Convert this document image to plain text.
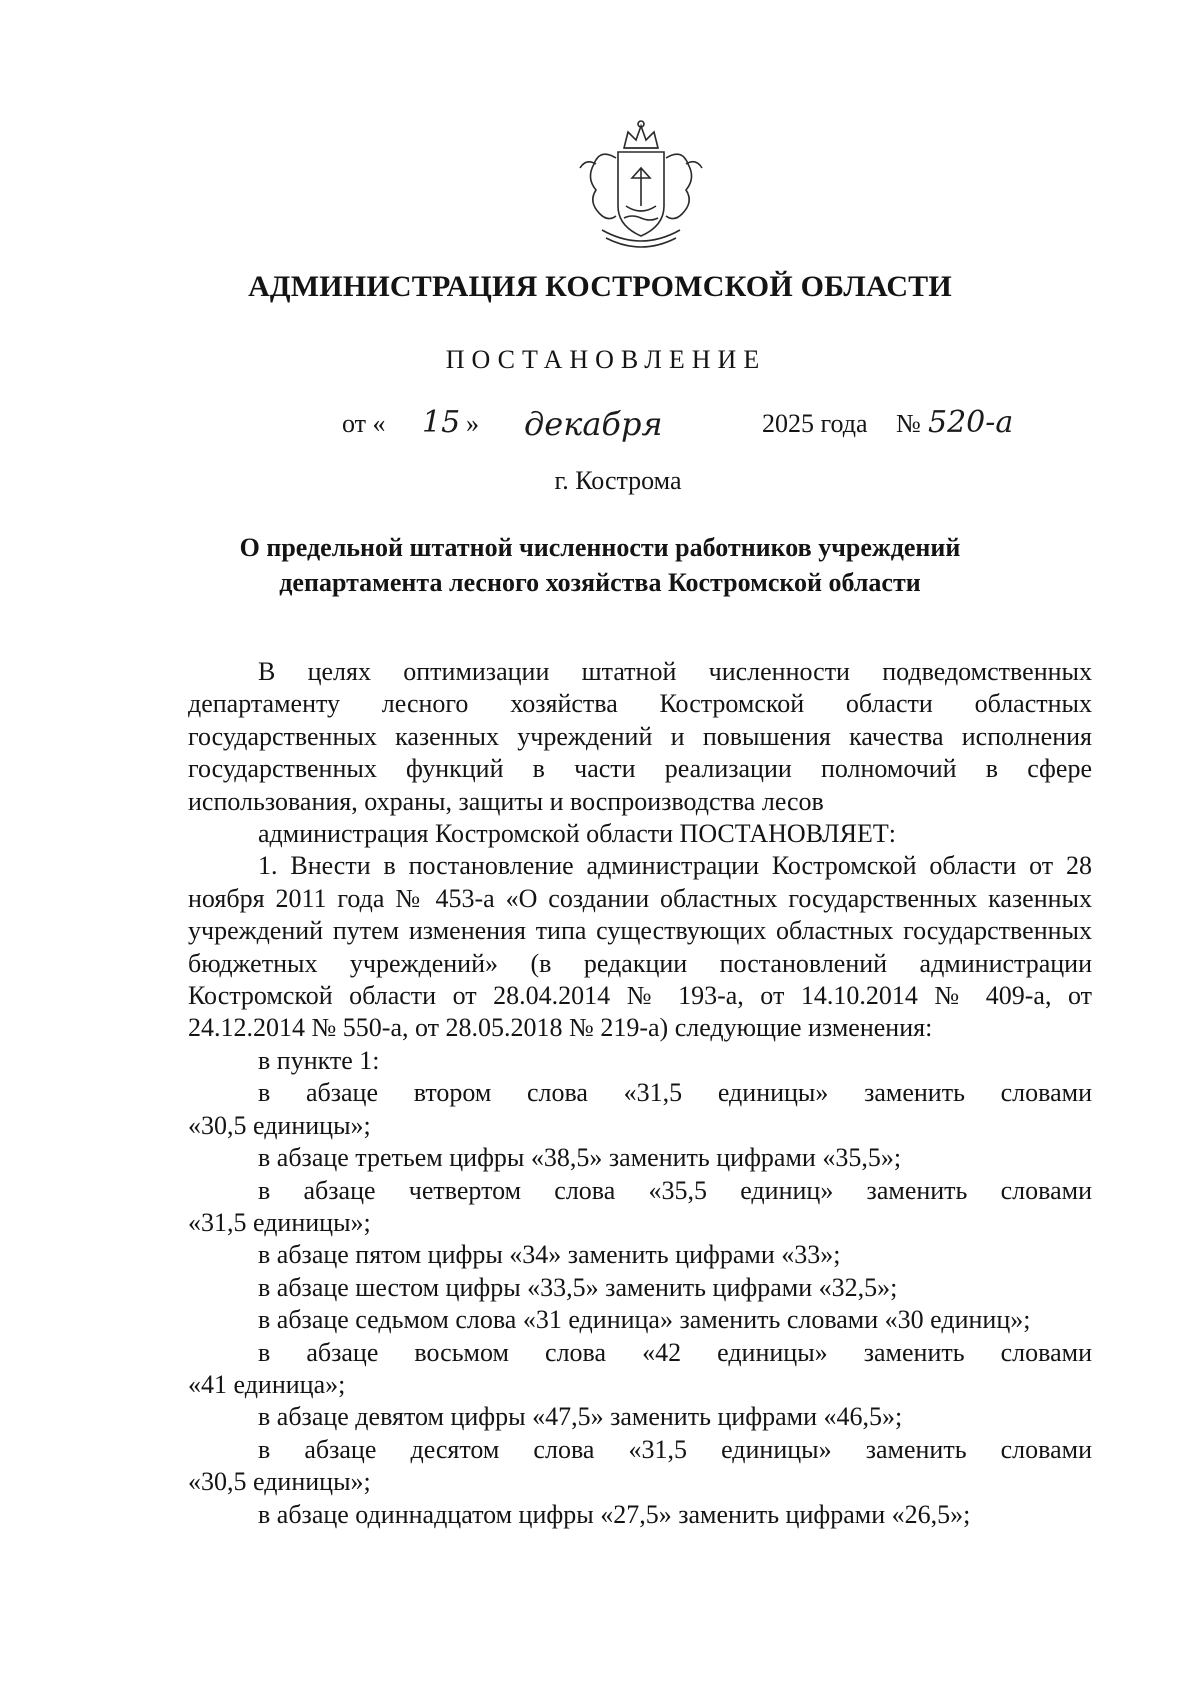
АДМИНИСТРАЦИЯ КОСТРОМСКОЙ ОБЛАСТИ
ПОСТАНОВЛЕНИЕ
от « 15 » декабря	2025 года № 520-а
г. Кострома
О предельной штатной численности работников учреждений
департамента лесного хозяйства Костромской области

В целях оптимизации штатной численности подведомственных департаменту лесного хозяйства Костромской области областных государственных казенных учреждений и повышения качества исполнения государственных функций в части реализации полномочий в сфере использования, охраны, защиты и воспроизводства лесов

администрация Костромской области ПОСТАНОВЛЯЕТ:

1. Внести в постановление администрации Костромской области от 28 ноября 2011 года № 453-а «О создании областных государственных казенных учреждений путем изменения типа существующих областных государственных бюджетных учреждений» (в редакции постановлений администрации Костромской области от 28.04.2014 № 193-а, от 14.10.2014 № 409-а, от 24.12.2014 № 550-а, от 28.05.2018 № 219-а) следующие изменения:

в пункте 1:

в абзаце втором слова «31,5 единицы» заменить словами

«30,5 единицы»;

в абзаце третьем цифры «38,5» заменить цифрами «35,5»;

в абзаце четвертом слова «35,5 единиц» заменить словами

«31,5 единицы»;

в абзаце пятом цифры «34» заменить цифрами «33»;

в абзаце шестом цифры «33,5» заменить цифрами «32,5»;

в абзаце седьмом слова «31 единица» заменить словами «30 единиц»;

в абзаце восьмом слова «42 единицы» заменить словами

«41 единица»;

в абзаце девятом цифры «47,5» заменить цифрами «46,5»;

в абзаце десятом слова «31,5 единицы» заменить словами

«30,5 единицы»;

в абзаце одиннадцатом цифры «27,5» заменить цифрами «26,5»;
